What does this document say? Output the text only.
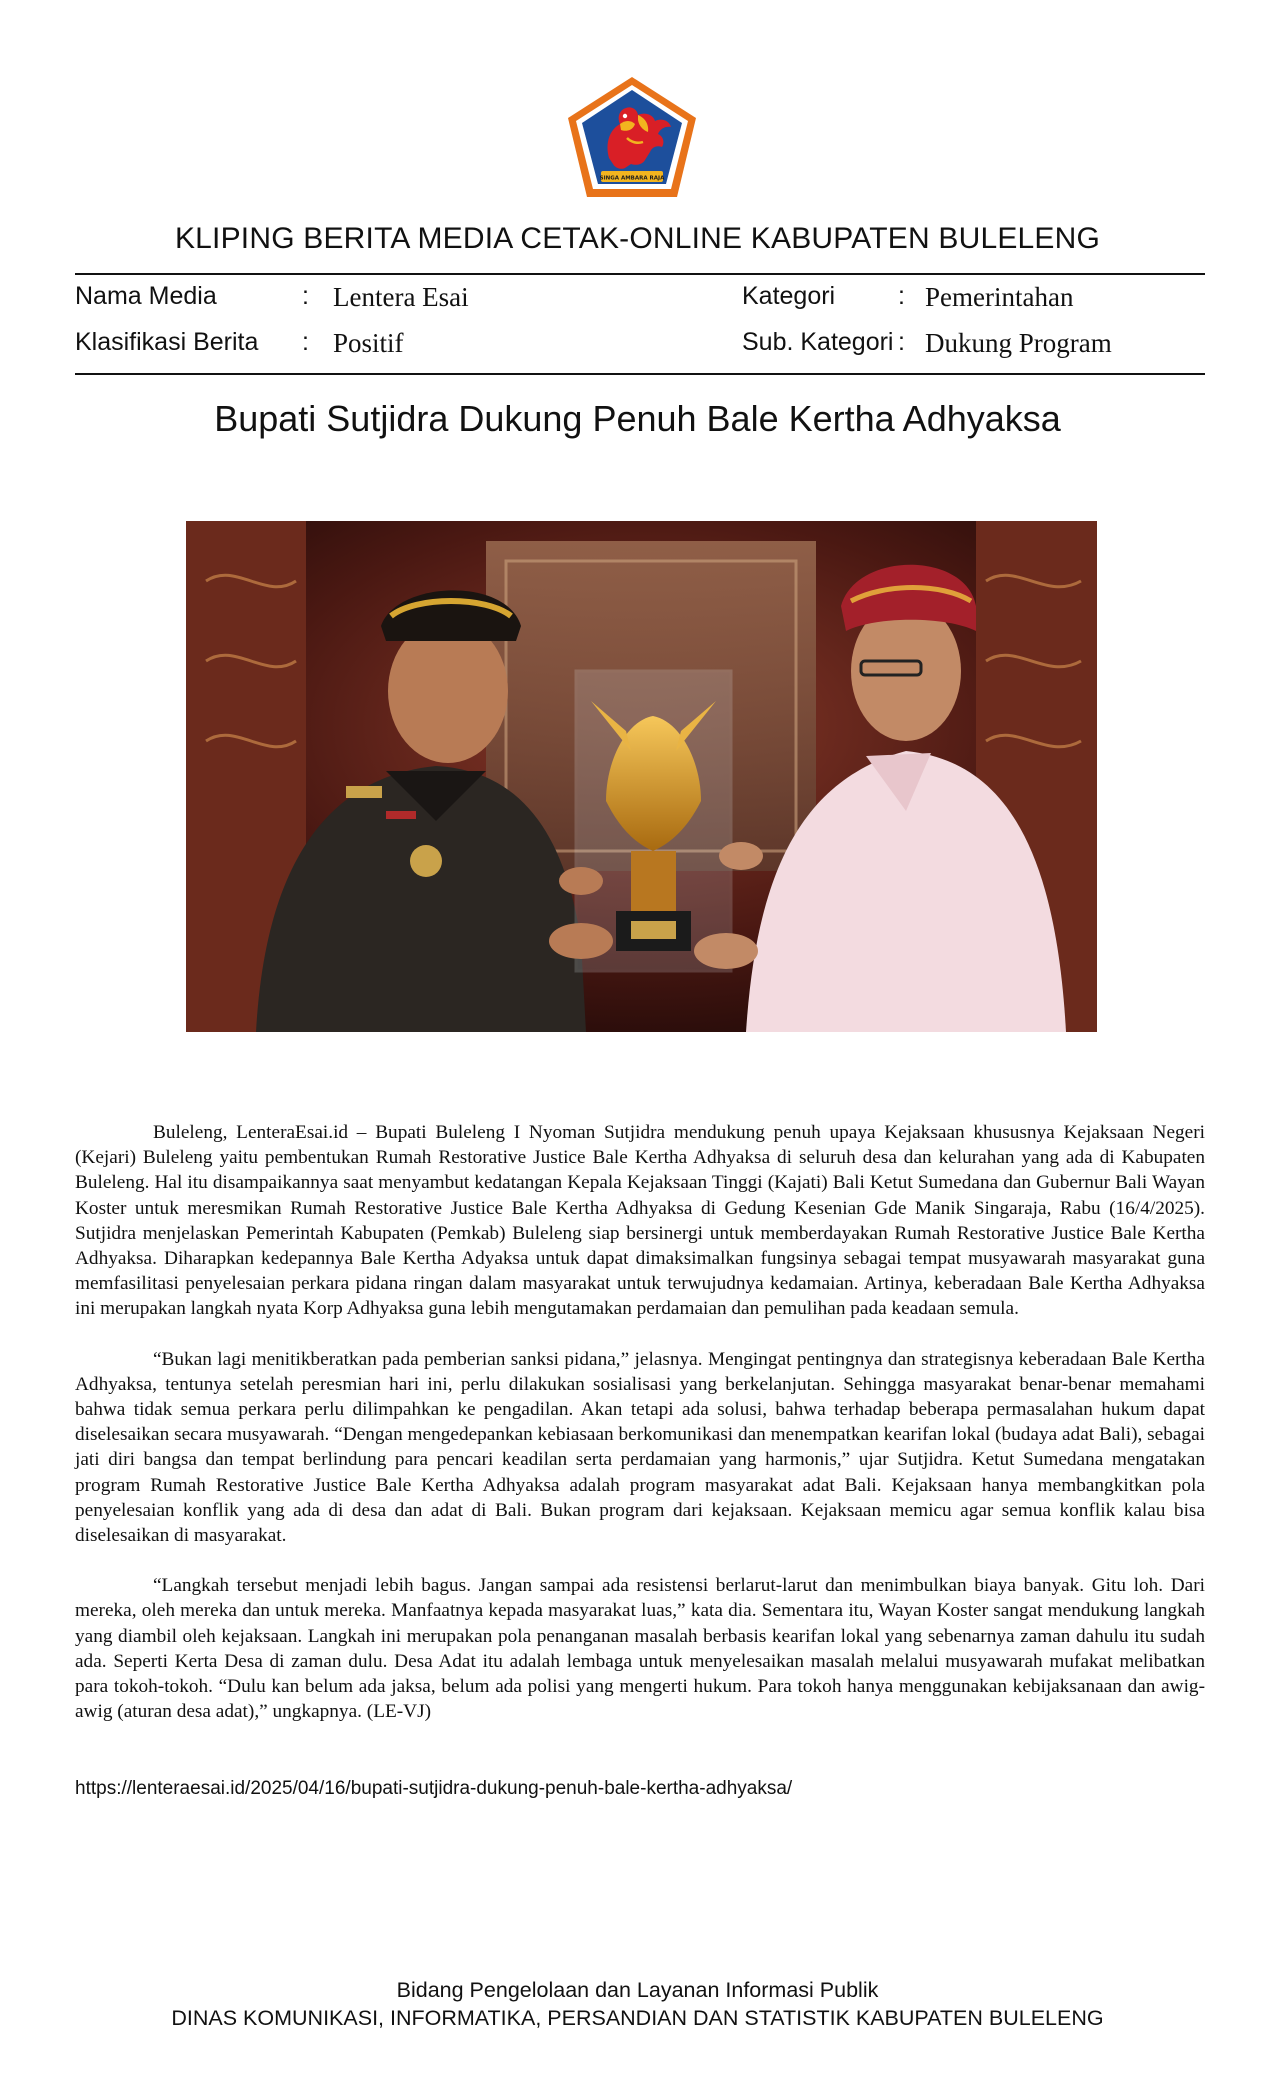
SINGA AMBARA RAJA
KLIPING BERITA MEDIA CETAK-ONLINE KABUPATEN BULELENG
Nama Media	: Lentera Esai	Kategori	: Pemerintahan
Klasifikasi Berita : Positif	Sub. Kategori : Dukung Program
Bupati Sutjidra Dukung Penuh Bale Kertha Adhyaksa

Buleleng, LenteraEsai.id – Bupati Buleleng I Nyoman Sutjidra mendukung penuh upaya Kejaksaan khususnya Kejaksaan Negeri (Kejari) Buleleng yaitu pembentukan Rumah Restorative Justice Bale Kertha Adhyaksa di seluruh desa dan kelurahan yang ada di Kabupaten Buleleng. Hal itu disampaikannya saat menyambut kedatangan Kepala Kejaksaan Tinggi (Kajati) Bali Ketut Sumedana dan Gubernur Bali Wayan Koster untuk meresmikan Rumah Restorative Justice Bale Kertha Adhyaksa di Gedung Kesenian Gde Manik Singaraja, Rabu (16/4/2025). Sutjidra menjelaskan Pemerintah Kabupaten (Pemkab) Buleleng siap bersinergi untuk memberdayakan Rumah Restorative Justice Bale Kertha Adhyaksa. Diharapkan kedepannya Bale Kertha Adyaksa untuk dapat dimaksimalkan fungsinya sebagai tempat musyawarah masyarakat guna memfasilitasi penyelesaian perkara pidana ringan dalam masyarakat untuk terwujudnya kedamaian. Artinya, keberadaan Bale Kertha Adhyaksa ini merupakan langkah nyata Korp Adhyaksa guna lebih mengutamakan perdamaian dan pemulihan pada keadaan semula.

“Bukan lagi menitikberatkan pada pemberian sanksi pidana,” jelasnya. Mengingat pentingnya dan strategisnya keberadaan Bale Kertha Adhyaksa, tentunya setelah peresmian hari ini, perlu dilakukan sosialisasi yang berkelanjutan. Sehingga masyarakat benar-benar memahami bahwa tidak semua perkara perlu dilimpahkan ke pengadilan. Akan tetapi ada solusi, bahwa terhadap beberapa permasalahan hukum dapat diselesaikan secara musyawarah. “Dengan mengedepankan kebiasaan berkomunikasi dan menempatkan kearifan lokal (budaya adat Bali), sebagai jati diri bangsa dan tempat berlindung para pencari keadilan serta perdamaian yang harmonis,” ujar Sutjidra. Ketut Sumedana mengatakan program Rumah Restorative Justice Bale Kertha Adhyaksa adalah program masyarakat adat Bali. Kejaksaan hanya membangkitkan pola penyelesaian konflik yang ada di desa dan adat di Bali. Bukan program dari kejaksaan. Kejaksaan memicu agar semua konflik kalau bisa diselesaikan di masyarakat.

“Langkah tersebut menjadi lebih bagus. Jangan sampai ada resistensi berlarut-larut dan menimbulkan biaya banyak. Gitu loh. Dari mereka, oleh mereka dan untuk mereka. Manfaatnya kepada masyarakat luas,” kata dia. Sementara itu, Wayan Koster sangat mendukung langkah yang diambil oleh kejaksaan. Langkah ini merupakan pola penanganan masalah berbasis kearifan lokal yang sebenarnya zaman dahulu itu sudah ada. Seperti Kerta Desa di zaman dulu. Desa Adat itu adalah lembaga untuk menyelesaikan masalah melalui musyawarah mufakat melibatkan para tokoh-tokoh. “Dulu kan belum ada jaksa, belum ada polisi yang mengerti hukum. Para tokoh hanya menggunakan kebijaksanaan dan awig-awig (aturan desa adat),” ungkapnya. (LE-VJ)

https://lenteraesai.id/2025/04/16/bupati-sutjidra-dukung-penuh-bale-kertha-adhyaksa/
Bidang Pengelolaan dan Layanan Informasi Publik
DINAS KOMUNIKASI, INFORMATIKA, PERSANDIAN DAN STATISTIK KABUPATEN BULELENG
